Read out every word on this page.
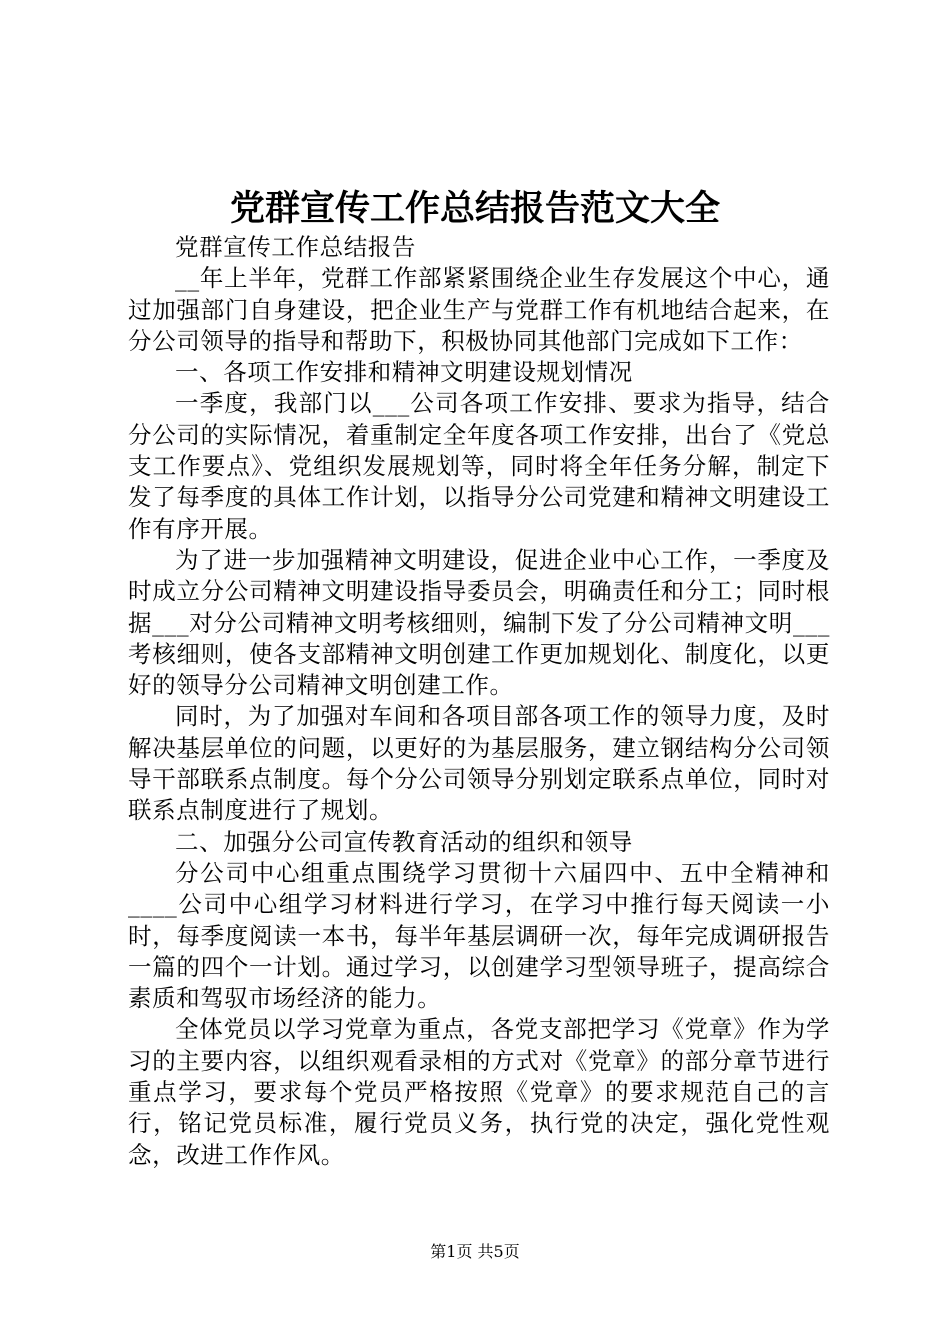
党群宣传工作总结报告范文大全

党群宣传工作总结报告

__年上半年，党群工作部紧紧围绕企业生存发展这个中心，通过加强部门自身建设，把企业生产与党群工作有机地结合起来，在分公司领导的指导和帮助下，积极协同其他部门完成如下工作：

一、各项工作安排和精神文明建设规划情况

一季度，我部门以___公司各项工作安排、要求为指导，结合分公司的实际情况，着重制定全年度各项工作安排，出台了《党总支工作要点》、党组织发展规划等，同时将全年任务分解，制定下发了每季度的具体工作计划，以指导分公司党建和精神文明建设工作有序开展。

为了进一步加强精神文明建设，促进企业中心工作，一季度及时成立分公司精神文明建设指导委员会，明确责任和分工；同时根据___对分公司精神文明考核细则，编制下发了分公司精神文明___考核细则，使各支部精神文明创建工作更加规划化、制度化，以更好的领导分公司精神文明创建工作。

同时，为了加强对车间和各项目部各项工作的领导力度，及时解决基层单位的问题，以更好的为基层服务，建立钢结构分公司领导干部联系点制度。每个分公司领导分别划定联系点单位，同时对联系点制度进行了规划。

二、加强分公司宣传教育活动的组织和领导

分公司中心组重点围绕学习贯彻十六届四中、五中全精神和____公司中心组学习材料进行学习，在学习中推行每天阅读一小时，每季度阅读一本书，每半年基层调研一次，每年完成调研报告一篇的四个一计划。通过学习，以创建学习型领导班子，提高综合素质和驾驭市场经济的能力。

全体党员以学习党章为重点，各党支部把学习《党章》作为学习的主要内容，以组织观看录相的方式对《党章》的部分章节进行重点学习，要求每个党员严格按照《党章》的要求规范自己的言行，铭记党员标准，履行党员义务，执行党的决定，强化党性观念，改进工作作风。

第1页 共5页
